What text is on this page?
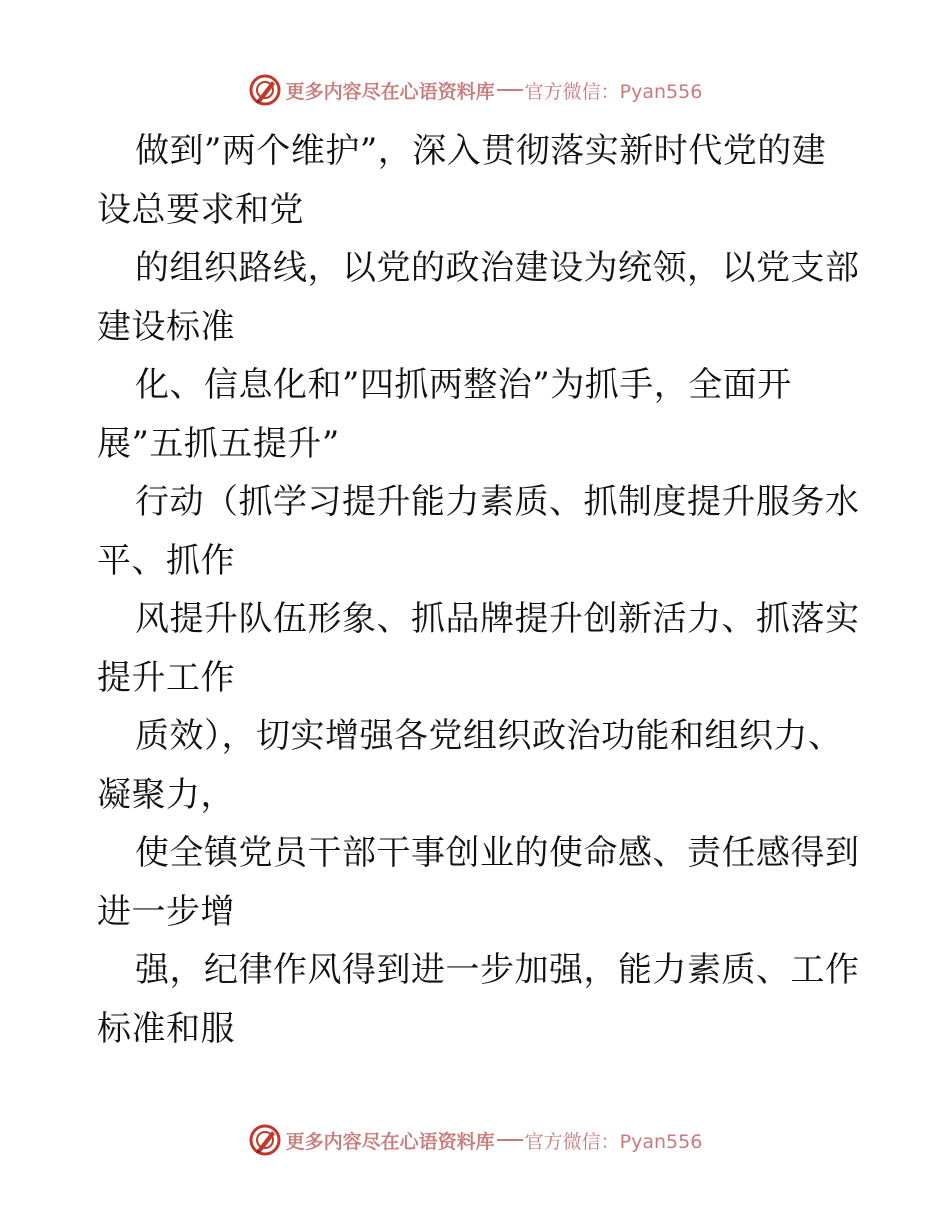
更多内容尽在心语资料库 官方微信：Pyan556
做到”两个维护”，深入贯彻落实新时代党的建
设总要求和党
的组织路线，以党的政治建设为统领，以党支部
建设标准
化、信息化和”四抓两整治”为抓手，全面开
展”五抓五提升”
行动（抓学习提升能力素质、抓制度提升服务水
平、抓作
风提升队伍形象、抓品牌提升创新活力、抓落实
提升工作
质效），切实增强各党组织政治功能和组织力、
凝聚力，
使全镇党员干部干事创业的使命感、责任感得到
进一步增
强，纪律作风得到进一步加强，能力素质、工作
标准和服
更多内容尽在心语资料库 官方微信：Pyan556
